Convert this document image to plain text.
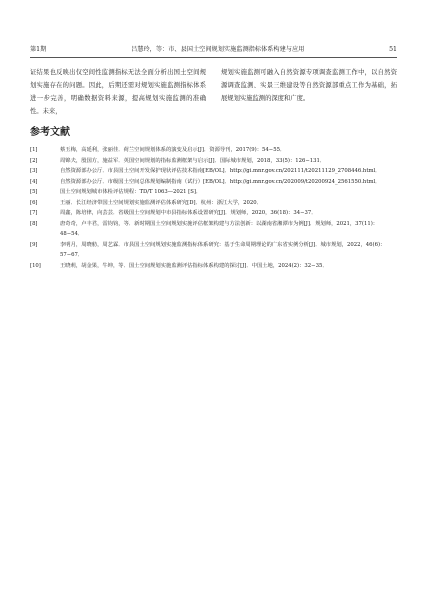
第1期	吕慧玲，等：市、县国土空间规划实施监测指标体系构建与应用	51
证结果也反映出仅空间性监测指标无法全面分析出国土空间规划实施存在的问题。因此，后期还需对规划实施监测指标体系进一步完善，明确数据资料来源，提高规划实施监测的准确性。未来，
规划实施监测可融入自然资源专项调查监测工作中，以自然资源调查监测、实景三维建设等自然资源部重点工作为基础，拓展规划实施监测的深度和广度。
参考文献
[1]	蔡玉梅，高延利，张丽佳．荷兰空间规划体系的演变及启示[J]．资源导刊，2017(9)：54−55．
[2]	周锦夫，殷国方，施益军．英国空间规划的指标监测框架与启示[J]．国际城市规划，2018，33(5)：126−131．
[3]	自然资源部办公厅．市县国土空间开发保护现状评估技术指南[EB/OL]．http://gi.mnr.gov.cn/202111/t20211129_2708446.html．
[4]	自然资源部办公厅．市级国土空间总体规划编制指南（试行）[EB/OL]．http://gi.mnr.gov.cn/202009/t20200924_2561550.html．
[5]	国土空间规划城市体检评估规程：TD/T 1063—2021 [S]．
[6]	王丽．长江经济带国土空间规划实施监测评估体系研究[D]．杭州：浙江大学，2020．
[7]	周鑫，陈培律，向芸芸．省级国土空间规划中市县指标体系设置研究[J]．规划师，2020，36(18)：34−37．
[8]	唐奇奇，卢丰君，雷钧钧，等．新时期国土空间规划实施评估框架构建与方法创新：以湖南省湘潭市为例[J]．规划师，2021，37(11)：48−54．
[9]	李明月，周晓舫，周艺霖．市县国土空间规划实施监测指标体系研究：基于生命周期理论的广东省实例分析[J]．城市规划，2022，46(6)：57−67．
[10]	王晓莉，胡金果，牛坤，等．国土空间规划实施监测评估指标体系构建的探讨[J]．中国土地，2024(2)：32−35．
